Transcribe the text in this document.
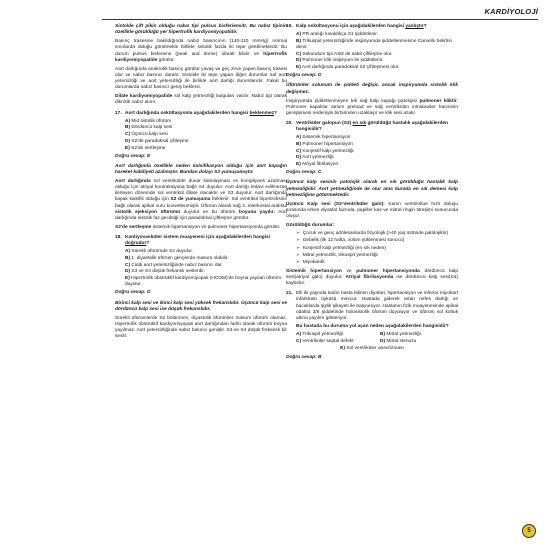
KARDİYOLOJİ

Sistolde çift pikin olduğu nabız tipi pulsus bisferiensitr. Bu nabız tipinin özellikle görüldüğü yer hipertrofik kardiyomiyopatidir.

Basınç trasesine bakıldığında nabız basıncının (140-110 mmHg) normal sınırlarda olduğu görülmekle birlikte sistolik fazda iki tepe görülmektedir. Bu durum pulsus bisferiens (peak and dome) olarak bilinir ve hipertrofik kardiyomiyopatide görülür.

Aort darlığında anakrotik basınç görülür yavaş ve geç zirve yapan basınç trasesi olur ve nabız basıncı daralır. Sistolde iki tepe yapan diğer durumlar saf aort yetersizliği ve aort yetersizliği ile birlikte aort darlığı durumlarıdır. Fakat bu durumlarda nabız basıncı geniş beklenir.

Dilate kardiyomiyopatide sol kalp yetmezliği bulguları vardır. Nabız tipi olarak dikrotik nabız alınır.

17. Aort darlığında oskültasyonla aşağıdakilerden hangisi beklenmez?
A) Mid sistolik üfürüm
B) Dördüncü kalp sesi
C) Üçüncü kalp sesi
D) S2'de paradoksal çiftleşme
E) S2'de sertleşme
Doğru cevap: E

Aort darlığında özellikle neden kalsifikasyon olduğu için aort kapağın hareket kabiliyeti azalmıştır. Bundan dolayı S2 yumuşamıştır.

Aort darlığında sol ventrikülde duvar kalınlaşması ve kompliyans azalması olduğu için atriyal kontraksiyona bağlı S4 duyulur. Aort darlığı tedavi edilmezse ilerleyen dönemde sol ventrikül dilate olacaktır ve S3 duyulur. Aort darlığında kapak kalsifik olduğu için S2 de yumuşama beklenir. Sol ventrikül hipertrofisine bağlı olarak apikal vuru kuvvetlenmiştir. Üfürüm olarak sağ 2. interkostal aralıkta sistolik ejeksiyon üfürümü duyulur ve bu üfürüm boyuna yayılır. Aort darlığında sistolik faz geciktiği için paradoksal çiftleşme görülür.

S2'de sertleşme sistemik hipertansiyon ve pulmoner hipertansiyonda görülür.

18. Kantiyovasküler sistem muayenesi için aşağıdakilerden hangisi doğrudur?
A) Sürekli üfürümde S2 duyulur.
B) 1. diyastolik üfürüm gençlerde masum olabilir.
C) Ciddi aort yetersizliğinde nabız basıncı dar.
D) S3 ve S4 düşük frekanslı seslerdir.
E) Hipertrofik obstrüktif kardiyomiyopati (HCOM)'de boyna yayılan üfürüm duyulur.
Doğru cevap: D

Birinci kalp sesi ve ikinci kalp sesi yüksek frekanslıdır. Üçüncü kalp sesi ve dördüncü kalp sesi ise düşük frekanslıdır.

Sürekli üfürümlerde S2 bölünmez, diyastolik üfürümler masum üfürüm olamaz. Hipertrofik obstrüktif kardiyomiyopati aort darlığından farklı olarak üfürüm boyna yayılmaz. Aort yetersizliğinde nabız basıncı genişlir. S3 ve S4 düşük frekanslı bir seslir.

19. Kalp oskültasyonu için aşağıdakilerden hangisi yanlıştır?
A) PR aralığı kısaldıkça S1 şiddetlenir.
B) Trikuspid yetersizliğinde inspiryumda şiddetlenmesine Carvello belirtisi denir.
C) Sekundum tipi ASD de sabit çiftleşme olur.
D) Pulmoner klik inspiryum ile şiddetlenir.
E) Aort darlığında paradoksal S2 çiftleşmesi olur.
Doğru cevap: D

Üfürümler solunum ile şiddeti değişir, ancak inspiryumda sistolik klik değişmez.

İnspiryumda şiddetlenmeyen tek sağ kalp kapağı patolojisi pulmoner kliktir. Pulmoner kapaklar atrium preload ve sağ ventrikülün intrakaviter hacminin genişlemesi nedeniyle birbirinden uzaklaşır ve klik sesi azalır.

20. Ventriküler galopun (S3) en sık görüldüğü hastalık aşağıdakilerden hangisidir?
A) Sistemik hipertansiyon
B) Pulmoner hipertansiyon
C) Konjestif kalp yetmezliği
D) Aort yetmezliği
E) Atriyal fibrilasyon
Doğru cevap: C

Üçüncü kalp sesinin patolojik olarak en sık görüldüğü hastalık kalp yetmezliğidir. Aort yetmezliğinde de olur ama burada en sık demesi kalp yetmezliğine götürmektedir.

Üçüncü Kalp sesi (S3-Ventriküler galo): Kanın ventrikülue hızlı doluşu sırasında erken diyastol fazında, papiller kas ve mitral ringin titreşimi sonucunda oluşur.

Görüldüğü durumlar:
➢ Çocuk ve genç adölesanlarda fizyolojik (>40 yaş üstünde patolojiktir)
➢ Gebelik (ilk 12 hafta, volüm yüklenmesi sonucu)
➢ Konjestif kalp yetmezliği (en sık neden)
➢ Mitral yetmezlik, trikuspit yetmezliği
➢ Miyokardit

Sistemik hipertansiyon ve pulmoner hipertansiyonda dördüncü kalp sesi(atriyal galo) duyulur. Atriyal fibrilasyonda ise dördüncü kalp sesi(S4) kaybolur.

21. Elli iki yaşında kadın hasta bilinen diyabet, hipertansiyon ve inferior miyokart infarktüsü öyküsü mevcut. Hastada giderek artan nefes darlığı ve bacaklarda şişlik şikayeti ile başvuruyor. Hastanın fizik muayenesinde apikal odakta 3/6 şiddetinde holosistolik üfürüm duyuluyor ve üfürüm sol koltuk altına yayılım gösteriyor.
Bu hastada bu duruma yol açan neden aşağıdakilerden hangisidir?
A) Trikuspit yetmezliği	B) Mitral yetmezliği
C) Ventriküler septal defekt	D) Mitral stenozu
E) Sol ventriküler anevrizması
Doğru cevap: B
5
